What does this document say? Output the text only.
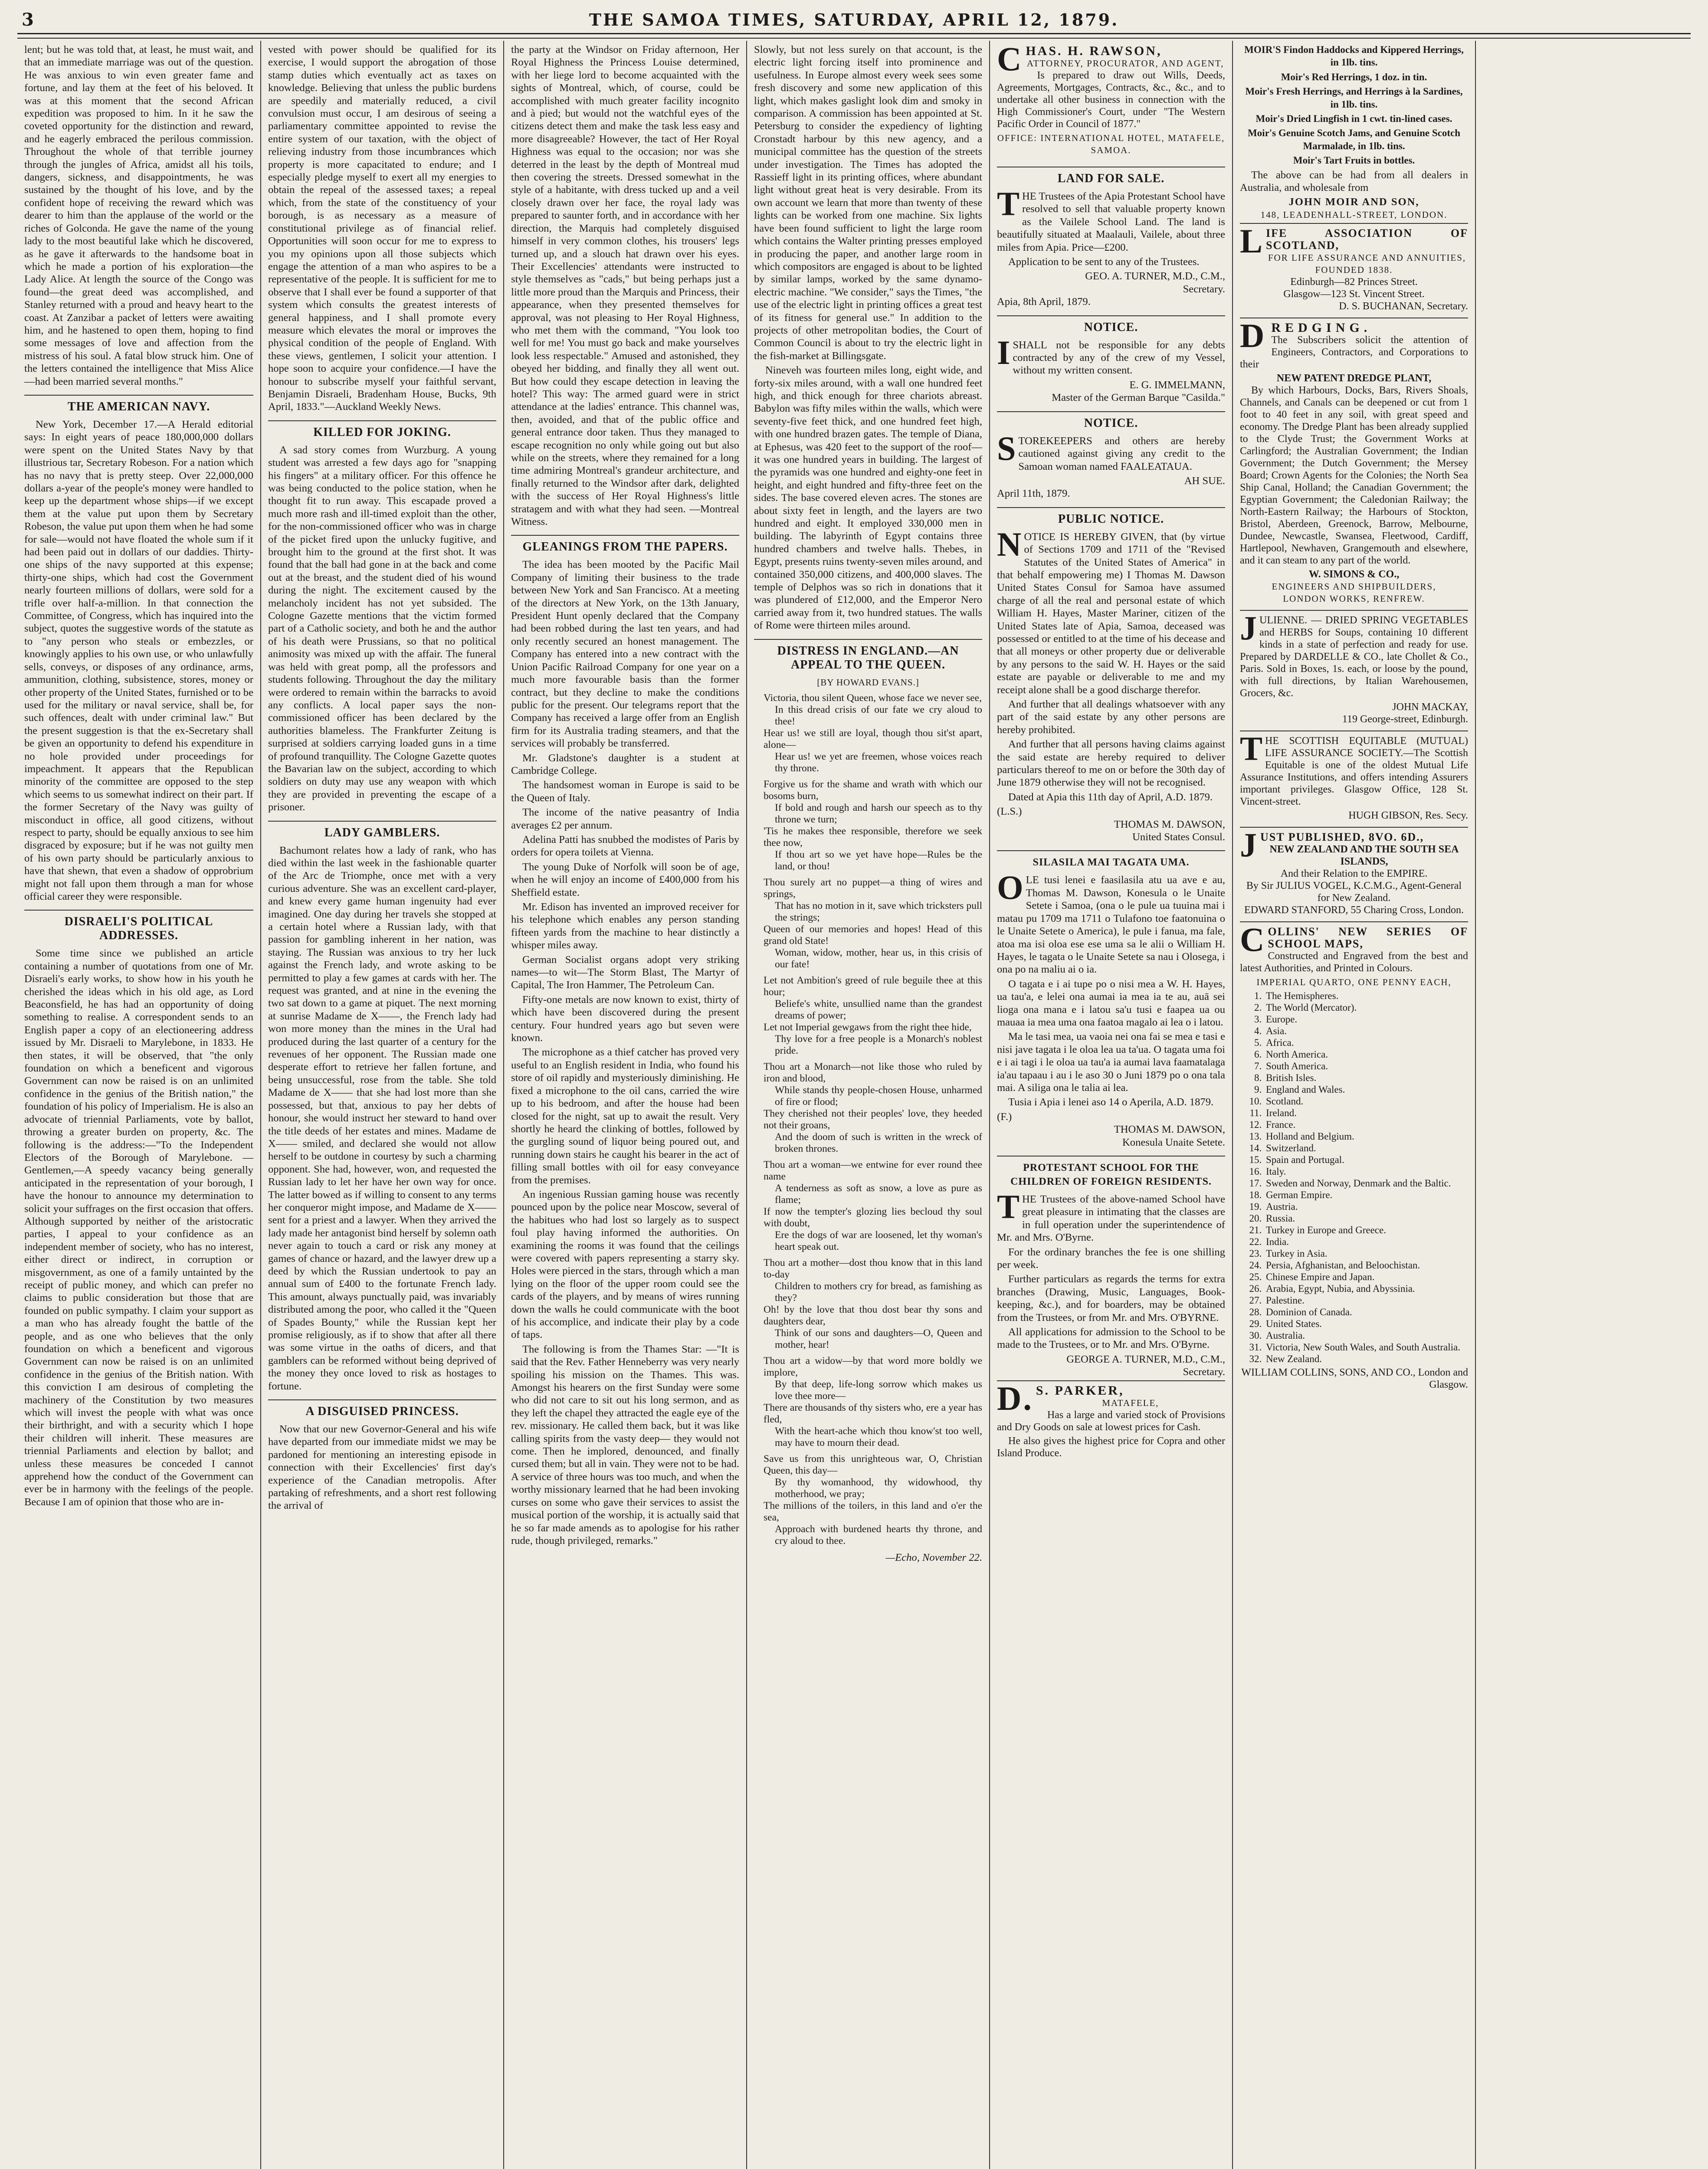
3	THE SAMOA TIMES, SATURDAY, APRIL 12, 1879.

lent; but he was told that, at least, he must wait, and that an immediate marriage was out of the question. He was anxious to win even greater fame and fortune, and lay them at the feet of his beloved. It was at this moment that the second African expedition was proposed to him. In it he saw the coveted opportunity for the distinction and reward, and he eagerly embraced the perilous commission. Throughout the whole of that terrible journey through the jungles of Africa, amidst all his toils, dangers, sickness, and disappointments, he was sustained by the thought of his love, and by the confident hope of receiving the reward which was dearer to him than the applause of the world or the riches of Golconda. He gave the name of the young lady to the most beautiful lake which he discovered, as he gave it afterwards to the handsome boat in which he made a portion of his exploration—the Lady Alice. At length the source of the Congo was found—the great deed was accomplished, and Stanley returned with a proud and heavy heart to the coast. At Zanzibar a packet of letters were awaiting him, and he hastened to open them, hoping to find some messages of love and affection from the mistress of his soul. A fatal blow struck him. One of the letters contained the intelligence that Miss Alice—had been married several months."

THE AMERICAN NAVY.

New York, December 17.—A Herald editorial says: In eight years of peace 180,000,000 dollars were spent on the United States Navy by that illustrious tar, Secretary Robeson. For a nation which has no navy that is pretty steep. Over 22,000,000 dollars a-year of the people's money were handled to keep up the department whose ships—if we except them at the value put upon them by Secretary Robeson, the value put upon them when he had some for sale—would not have floated the whole sum if it had been paid out in dollars of our daddies. Thirty-one ships of the navy supported at this expense; thirty-one ships, which had cost the Government nearly fourteen millions of dollars, were sold for a trifle over half-a-million. In that connection the Committee, of Congress, which has inquired into the subject, quotes the suggestive words of the statute as to "any person who steals or embezzles, or knowingly applies to his own use, or who unlawfully sells, conveys, or disposes of any ordinance, arms, ammunition, clothing, subsistence, stores, money or other property of the United States, furnished or to be used for the military or naval service, shall be, for such offences, dealt with under criminal law." But the present suggestion is that the ex-Secretary shall be given an opportunity to defend his expenditure in no hole provided under proceedings for impeachment. It appears that the Republican minority of the committee are opposed to the step which seems to us somewhat indirect on their part. If the former Secretary of the Navy was guilty of misconduct in office, all good citizens, without respect to party, should be equally anxious to see him disgraced by exposure; but if he was not guilty men of his own party should be particularly anxious to have that shewn, that even a shadow of opprobrium might not fall upon them through a man for whose official career they were responsible.

DISRAELI'S POLITICAL ADDRESSES.

Some time since we published an article containing a number of quotations from one of Mr. Disraeli's early works, to show how in his youth he cherished the ideas which in his old age, as Lord Beaconsfield, he has had an opportunity of doing something to realise. A correspondent sends to an English paper a copy of an electioneering address issued by Mr. Disraeli to Marylebone, in 1833. He then states, it will be observed, that "the only foundation on which a beneficent and vigorous Government can now be raised is on an unlimited confidence in the genius of the British nation," the foundation of his policy of Imperialism. He is also an advocate of triennial Parliaments, vote by ballot, throwing a greater burden on property, &c. The following is the address:—"To the Independent Electors of the Borough of Marylebone. —Gentlemen,—A speedy vacancy being generally anticipated in the representation of your borough, I have the honour to announce my determination to solicit your suffrages on the first occasion that offers. Although supported by neither of the aristocratic parties, I appeal to your confidence as an independent member of society, who has no interest, either direct or indirect, in corruption or misgovernment, as one of a family untainted by the receipt of public money, and which can prefer no claims to public consideration but those that are founded on public sympathy. I claim your support as a man who has already fought the battle of the people, and as one who believes that the only foundation on which a beneficent and vigorous Government can now be raised is on an unlimited confidence in the genius of the British nation. With this conviction I am desirous of completing the machinery of the Constitution by two measures which will invest the people with what was once their birthright, and with a security which I hope their children will inherit. These measures are triennial Parliaments and election by ballot; and unless these measures be conceded I cannot apprehend how the conduct of the Government can ever be in harmony with the feelings of the people. Because I am of opinion that those who are in-

vested with power should be qualified for its exercise, I would support the abrogation of those stamp duties which eventually act as taxes on knowledge. Believing that unless the public burdens are speedily and materially reduced, a civil convulsion must occur, I am desirous of seeing a parliamentary committee appointed to revise the entire system of our taxation, with the object of relieving industry from those incumbrances which property is more capacitated to endure; and I especially pledge myself to exert all my energies to obtain the repeal of the assessed taxes; a repeal which, from the state of the constituency of your borough, is as necessary as a measure of constitutional privilege as of financial relief. Opportunities will soon occur for me to express to you my opinions upon all those subjects which engage the attention of a man who aspires to be a representative of the people. It is sufficient for me to observe that I shall ever be found a supporter of that system which consults the greatest interests of general happiness, and I shall promote every measure which elevates the moral or improves the physical condition of the people of England. With these views, gentlemen, I solicit your attention. I hope soon to acquire your confidence.—I have the honour to subscribe myself your faithful servant, Benjamin Disraeli, Bradenham House, Bucks, 9th April, 1833."—Auckland Weekly News.

KILLED FOR JOKING.

A sad story comes from Wurzburg. A young student was arrested a few days ago for "snapping his fingers" at a military officer. For this offence he was being conducted to the police station, when he thought fit to run away. This escapade proved a much more rash and ill-timed exploit than the other, for the non-commissioned officer who was in charge of the picket fired upon the unlucky fugitive, and brought him to the ground at the first shot. It was found that the ball had gone in at the back and come out at the breast, and the student died of his wound during the night. The excitement caused by the melancholy incident has not yet subsided. The Cologne Gazette mentions that the victim formed part of a Catholic society, and both he and the author of his death were Prussians, so that no political animosity was mixed up with the affair. The funeral was held with great pomp, all the professors and students following. Throughout the day the military were ordered to remain within the barracks to avoid any conflicts. A local paper says the non-commissioned officer has been declared by the authorities blameless. The Frankfurter Zeitung is surprised at soldiers carrying loaded guns in a time of profound tranquillity. The Cologne Gazette quotes the Bavarian law on the subject, according to which soldiers on duty may use any weapon with which they are provided in preventing the escape of a prisoner.

LADY GAMBLERS.

Bachumont relates how a lady of rank, who has died within the last week in the fashionable quarter of the Arc de Triomphe, once met with a very curious adventure. She was an excellent card-player, and knew every game human ingenuity had ever imagined. One day during her travels she stopped at a certain hotel where a Russian lady, with that passion for gambling inherent in her nation, was staying. The Russian was anxious to try her luck against the French lady, and wrote asking to be permitted to play a few games at cards with her. The request was granted, and at nine in the evening the two sat down to a game at piquet. The next morning at sunrise Madame de X——, the French lady had won more money than the mines in the Ural had produced during the last quarter of a century for the revenues of her opponent. The Russian made one desperate effort to retrieve her fallen fortune, and being unsuccessful, rose from the table. She told Madame de X—— that she had lost more than she possessed, but that, anxious to pay her debts of honour, she would instruct her steward to hand over the title deeds of her estates and mines. Madame de X—— smiled, and declared she would not allow herself to be outdone in courtesy by such a charming opponent. She had, however, won, and requested the Russian lady to let her have her own way for once. The latter bowed as if willing to consent to any terms her conqueror might impose, and Madame de X—— sent for a priest and a lawyer. When they arrived the lady made her antagonist bind herself by solemn oath never again to touch a card or risk any money at games of chance or hazard, and the lawyer drew up a deed by which the Russian undertook to pay an annual sum of £400 to the fortunate French lady. This amount, always punctually paid, was invariably distributed among the poor, who called it the "Queen of Spades Bounty," while the Russian kept her promise religiously, as if to show that after all there was some virtue in the oaths of dicers, and that gamblers can be reformed without being deprived of the money they once loved to risk as hostages to fortune.

A DISGUISED PRINCESS.

Now that our new Governor-General and his wife have departed from our immediate midst we may be pardoned for mentioning an interesting episode in connection with their Excellencies' first day's experience of the Canadian metropolis. After partaking of refreshments, and a short rest following the arrival of

the party at the Windsor on Friday afternoon, Her Royal Highness the Princess Louise determined, with her liege lord to become acquainted with the sights of Montreal, which, of course, could be accomplished with much greater facility incognito and à pied; but would not the watchful eyes of the citizens detect them and make the task less easy and more disagreeable? However, the tact of Her Royal Highness was equal to the occasion; nor was she deterred in the least by the depth of Montreal mud then covering the streets. Dressed somewhat in the style of a habitante, with dress tucked up and a veil closely drawn over her face, the royal lady was prepared to saunter forth, and in accordance with her direction, the Marquis had completely disguised himself in very common clothes, his trousers' legs turned up, and a slouch hat drawn over his eyes. Their Excellencies' attendants were instructed to style themselves as "cads," but being perhaps just a little more proud than the Marquis and Princess, their appearance, when they presented themselves for approval, was not pleasing to Her Royal Highness, who met them with the command, "You look too well for me! You must go back and make yourselves look less respectable." Amused and astonished, they obeyed her bidding, and finally they all went out. But how could they escape detection in leaving the hotel? This way: The armed guard were in strict attendance at the ladies' entrance. This channel was, then, avoided, and that of the public office and general entrance door taken. Thus they managed to escape recognition no only while going out but also while on the streets, where they remained for a long time admiring Montreal's grandeur architecture, and finally returned to the Windsor after dark, delighted with the success of Her Royal Highness's little stratagem and with what they had seen. —Montreal Witness.

GLEANINGS FROM THE PAPERS.

The idea has been mooted by the Pacific Mail Company of limiting their business to the trade between New York and San Francisco. At a meeting of the directors at New York, on the 13th January, President Hunt openly declared that the Company had been robbed during the last ten years, and had only recently secured an honest management. The Company has entered into a new contract with the Union Pacific Railroad Company for one year on a much more favourable basis than the former contract, but they decline to make the conditions public for the present. Our telegrams report that the Company has received a large offer from an English firm for its Australia trading steamers, and that the services will probably be transferred.

Mr. Gladstone's daughter is a student at Cambridge College.

The handsomest woman in Europe is said to be the Queen of Italy.

The income of the native peasantry of India averages £2 per annum.

Adelina Patti has snubbed the modistes of Paris by orders for opera toilets at Vienna.

The young Duke of Norfolk will soon be of age, when he will enjoy an income of £400,000 from his Sheffield estate.

Mr. Edison has invented an improved receiver for his telephone which enables any person standing fifteen yards from the machine to hear distinctly a whisper miles away.

German Socialist organs adopt very striking names—to wit—The Storm Blast, The Martyr of Capital, The Iron Hammer, The Petroleum Can.

Fifty-one metals are now known to exist, thirty of which have been discovered during the present century. Four hundred years ago but seven were known.

The microphone as a thief catcher has proved very useful to an English resident in India, who found his store of oil rapidly and mysteriously diminishing. He fixed a microphone to the oil cans, carried the wire up to his bedroom, and after the house had been closed for the night, sat up to await the result. Very shortly he heard the clinking of bottles, followed by the gurgling sound of liquor being poured out, and running down stairs he caught his bearer in the act of filling small bottles with oil for easy conveyance from the premises.

An ingenious Russian gaming house was recently pounced upon by the police near Moscow, several of the habitues who had lost so largely as to suspect foul play having informed the authorities. On examining the rooms it was found that the ceilings were covered with papers representing a starry sky. Holes were pierced in the stars, through which a man lying on the floor of the upper room could see the cards of the players, and by means of wires running down the walls he could communicate with the boot of his accomplice, and indicate their play by a code of taps.

The following is from the Thames Star: —"It is said that the Rev. Father Henneberry was very nearly spoiling his mission on the Thames. This was. Amongst his hearers on the first Sunday were some who did not care to sit out his long sermon, and as they left the chapel they attracted the eagle eye of the rev. missionary. He called them back, but it was like calling spirits from the vasty deep— they would not come. Then he implored, denounced, and finally cursed them; but all in vain. They were not to be had. A service of three hours was too much, and when the worthy missionary learned that he had been invoking curses on some who gave their services to assist the musical portion of the worship, it is actually said that he so far made amends as to apologise for his rather rude, though privileged, remarks."

Slowly, but not less surely on that account, is the electric light forcing itself into prominence and usefulness. In Europe almost every week sees some fresh discovery and some new application of this light, which makes gaslight look dim and smoky in comparison. A commission has been appointed at St. Petersburg to consider the expediency of lighting Cronstadt harbour by this new agency, and a municipal committee has the question of the streets under investigation. The Times has adopted the Rassieff light in its printing offices, where abundant light without great heat is very desirable. From its own account we learn that more than twenty of these lights can be worked from one machine. Six lights have been found sufficient to light the large room which contains the Walter printing presses employed in producing the paper, and another large room in which compositors are engaged is about to be lighted by similar lamps, worked by the same dynamo-electric machine. "We consider," says the Times, "the use of the electric light in printing offices a great test of its fitness for general use." In addition to the projects of other metropolitan bodies, the Court of Common Council is about to try the electric light in the fish-market at Billingsgate.

Nineveh was fourteen miles long, eight wide, and forty-six miles around, with a wall one hundred feet high, and thick enough for three chariots abreast. Babylon was fifty miles within the walls, which were seventy-five feet thick, and one hundred feet high, with one hundred brazen gates. The temple of Diana, at Ephesus, was 420 feet to the support of the roof—it was one hundred years in building. The largest of the pyramids was one hundred and eighty-one feet in height, and eight hundred and fifty-three feet on the sides. The base covered eleven acres. The stones are about sixty feet in length, and the layers are two hundred and eight. It employed 330,000 men in building. The labyrinth of Egypt contains three hundred chambers and twelve halls. Thebes, in Egypt, presents ruins twenty-seven miles around, and contained 350,000 citizens, and 400,000 slaves. The temple of Delphos was so rich in donations that it was plundered of £12,000, and the Emperor Nero carried away from it, two hundred statues. The walls of Rome were thirteen miles around.

DISTRESS IN ENGLAND.—AN APPEAL TO THE QUEEN.
[BY HOWARD EVANS.]
Victoria, thou silent Queen, whose face we never see,
In this dread crisis of our fate we cry aloud to thee!
Hear us! we still are loyal, though thou sit'st apart, alone—
Hear us! we yet are freemen, whose voices reach thy throne.
Forgive us for the shame and wrath with which our bosoms burn,
If bold and rough and harsh our speech as to thy throne we turn;
'Tis he makes thee responsible, therefore we seek thee now,
If thou art so we yet have hope—Rules be the land, or thou!
Thou surely art no puppet—a thing of wires and springs,
That has no motion in it, save which tricksters pull the strings;
Queen of our memories and hopes! Head of this grand old State!
Woman, widow, mother, hear us, in this crisis of our fate!
Let not Ambition's greed of rule beguile thee at this hour;
Beliefe's white, unsullied name than the grandest dreams of power;
Let not Imperial gewgaws from the right thee hide,
Thy love for a free people is a Monarch's noblest pride.
Thou art a Monarch—not like those who ruled by iron and blood,
While stands thy people-chosen House, unharmed of fire or flood;
They cherished not their peoples' love, they heeded not their groans,
And the doom of such is written in the wreck of broken thrones.
Thou art a woman—we entwine for ever round thee name
A tenderness as soft as snow, a love as pure as flame;
If now the tempter's glozing lies becloud thy soul with doubt,
Ere the dogs of war are loosened, let thy woman's heart speak out.
Thou art a mother—dost thou know that in this land to-day
Children to mothers cry for bread, as famishing as they?
Oh! by the love that thou dost bear thy sons and daughters dear,
Think of our sons and daughters—O, Queen and mother, hear!
Thou art a widow—by that word more boldly we implore,
By that deep, life-long sorrow which makes us love thee more—
There are thousands of thy sisters who, ere a year has fled,
With the heart-ache which thou know'st too well, may have to mourn their dead.
Save us from this unrighteous war, O, Christian Queen, this day—
By thy womanhood, thy widowhood, thy motherhood, we pray;
The millions of the toilers, in this land and o'er the sea,
Approach with burdened hearts thy throne, and cry aloud to thee.
—Echo, November 22.
CHAS. H. RAWSON,
ATTORNEY, PROCURATOR, AND AGENT,

Is prepared to draw out Wills, Deeds, Agreements, Mortgages, Contracts, &c., &c., and to undertake all other business in connection with the High Commissioner's Court, under "The Western Pacific Order in Council of 1877."

OFFICE: INTERNATIONAL HOTEL, MATAFELE, SAMOA.
LAND FOR SALE.

THE Trustees of the Apia Protestant School have resolved to sell that valuable property known as the Vailele School Land. The land is beautifully situated at Maalauli, Vailele, about three miles from Apia. Price—£200.

Application to be sent to any of the Trustees.

GEO. A. TURNER, M.D., C.M.,
Secretary.
Apia, 8th April, 1879.
NOTICE.

ISHALL not be responsible for any debts contracted by any of the crew of my Vessel, without my written consent.

E. G. IMMELMANN,
Master of the German Barque "Casilda."
NOTICE.

STOREKEEPERS and others are hereby cautioned against giving any credit to the Samoan woman named FAALEATAUA.

AH SUE.
April 11th, 1879.
PUBLIC NOTICE.

NOTICE IS HEREBY GIVEN, that (by virtue of Sections 1709 and 1711 of the "Revised Statutes of the United States of America" in that behalf empowering me) I Thomas M. Dawson United States Consul for Samoa have assumed charge of all the real and personal estate of which William H. Hayes, Master Mariner, citizen of the United States late of Apia, Samoa, deceased was possessed or entitled to at the time of his decease and that all moneys or other property due or deliverable by any persons to the said W. H. Hayes or the said estate are payable or deliverable to me and my receipt alone shall be a good discharge therefor.

And further that all dealings whatsoever with any part of the said estate by any other persons are hereby prohibited.

And further that all persons having claims against the said estate are hereby required to deliver particulars thereof to me on or before the 30th day of June 1879 otherwise they will not be recognised.

Dated at Apia this 11th day of April, A.D. 1879.

(L.S.)
THOMAS M. DAWSON,
United States Consul.
SILASILA MAI TAGATA UMA.

OLE tusi lenei e faasilasila atu ua ave e au, Thomas M. Dawson, Konesula o le Unaite Setete i Samoa, (ona o le pule ua tuuina mai i matau pu 1709 ma 1711 o Tulafono toe faatonuina o le Unaite Setete o America), le pule i fanua, ma fale, atoa ma isi oloa ese ese uma sa le alii o William H. Hayes, le tagata o le Unaite Setete sa nau i Olosega, i ona po na maliu ai o ia.

O tagata e i ai tupe po o nisi mea a W. H. Hayes, ua tau'a, e lelei ona aumai ia mea ia te au, auā sei lioga ona mana e i latou sa'u tusi e faapea ua ou mauaa ia mea uma ona faatoa magalo ai lea o i latou.

Ma le tasi mea, ua vaoia nei ona fai se mea e tasi e nisi jave tagata i le oloa lea ua ta'ua. O tagata uma foi e i ai tagi i le oloa ua tau'a ia aumai lava faamatalaga ia'au tapaau i au i le aso 30 o Juni 1879 po o ona tala mai. A siliga ona le talia ai lea.

Tusia i Apia i lenei aso 14 o Aperila, A.D. 1879.

(F.)
THOMAS M. DAWSON,
Konesula Unaite Setete.
PROTESTANT SCHOOL FOR THE CHILDREN OF FOREIGN RESIDENTS.

THE Trustees of the above-named School have great pleasure in intimating that the classes are in full operation under the superintendence of Mr. and Mrs. O'Byrne.

For the ordinary branches the fee is one shilling per week.

Further particulars as regards the terms for extra branches (Drawing, Music, Languages, Book-keeping, &c.), and for boarders, may be obtained from the Trustees, or from Mr. and Mrs. O'BYRNE.

All applications for admission to the School to be made to the Trustees, or to Mr. and Mrs. O'Byrne.

GEORGE A. TURNER, M.D., C.M.,
Secretary.
D.S. PARKER,
MATAFELE,

Has a large and varied stock of Provisions and Dry Goods on sale at lowest prices for Cash.

He also gives the highest price for Copra and other Island Produce.

MOIR'S Findon Haddocks and Kippered Herrings, in 1lb. tins.

Moir's Red Herrings, 1 doz. in tin.

Moir's Fresh Herrings, and Herrings à la Sardines, in 1lb. tins.

Moir's Dried Lingfish in 1 cwt. tin-lined cases.

Moir's Genuine Scotch Jams, and Genuine Scotch Marmalade, in 1lb. tins.

Moir's Tart Fruits in bottles.

The above can be had from all dealers in Australia, and wholesale from

JOHN MOIR AND SON,
148, LEADENHALL-STREET, LONDON.
LIFE ASSOCIATION OF SCOTLAND,
FOR LIFE ASSURANCE AND ANNUITIES, FOUNDED 1838.
Edinburgh—82 Princes Street.
Glasgow—123 St. Vincent Street.
D. S. BUCHANAN, Secretary.
DREDGING.

The Subscribers solicit the attention of Engineers, Contractors, and Corporations to their

NEW PATENT DREDGE PLANT,

By which Harbours, Docks, Bars, Rivers Shoals, Channels, and Canals can be deepened or cut from 1 foot to 40 feet in any soil, with great speed and economy. The Dredge Plant has been already supplied to the Clyde Trust; the Government Works at Carlingford; the Australian Government; the Indian Government; the Dutch Government; the Mersey Board; Crown Agents for the Colonies; the North Sea Ship Canal, Holland; the Canadian Government; the Egyptian Government; the Caledonian Railway; the North-Eastern Railway; the Harbours of Stockton, Bristol, Aberdeen, Greenock, Barrow, Melbourne, Dundee, Newcastle, Swansea, Fleetwood, Cardiff, Hartlepool, Newhaven, Grangemouth and elsewhere, and it can steam to any part of the world.

W. SIMONS & CO.,
ENGINEERS AND SHIPBUILDERS,
LONDON WORKS, RENFREW.

JULIENNE. — DRIED SPRING VEGETABLES and HERBS for Soups, containing 10 different kinds in a state of perfection and ready for use. Prepared by DARDELLE & CO., late Chollet & Co., Paris. Sold in Boxes, 1s. each, or loose by the pound, with full directions, by Italian Warehousemen, Grocers, &c.

JOHN MACKAY,
119 George-street, Edinburgh.

THE SCOTTISH EQUITABLE (MUTUAL) LIFE ASSURANCE SOCIETY.—The Scottish Equitable is one of the oldest Mutual Life Assurance Institutions, and offers intending Assurers important privileges. Glasgow Office, 128 St. Vincent-street.

HUGH GIBSON, Res. Secy.
JUST PUBLISHED, 8VO. 6D.,
NEW ZEALAND AND THE SOUTH SEA ISLANDS,
And their Relation to the EMPIRE.
By Sir JULIUS VOGEL, K.C.M.G., Agent-General for New Zealand.
EDWARD STANFORD, 55 Charing Cross, London.
COLLINS' NEW SERIES OF SCHOOL MAPS,

Constructed and Engraved from the best and latest Authorities, and Printed in Colours.

IMPERIAL QUARTO, ONE PENNY EACH,
1. The Hemispheres.
2. The World (Mercator).
3. Europe.
4. Asia.
5. Africa.
6. North America.
7. South America.
8. British Isles.
9. England and Wales.
10. Scotland.
11. Ireland.
12. France.
13. Holland and Belgium.
14. Switzerland.
15. Spain and Portugal.
16. Italy.
17. Sweden and Norway, Denmark and the Baltic.
18. German Empire.
19. Austria.
20. Russia.
21. Turkey in Europe and Greece.
22. India.
23. Turkey in Asia.
24. Persia, Afghanistan, and Beloochistan.
25. Chinese Empire and Japan.
26. Arabia, Egypt, Nubia, and Abyssinia.
27. Palestine.
28. Dominion of Canada.
29. United States.
30. Australia.
31. Victoria, New South Wales, and South Australia.
32. New Zealand.
WILLIAM COLLINS, SONS, AND CO., London and Glasgow.
